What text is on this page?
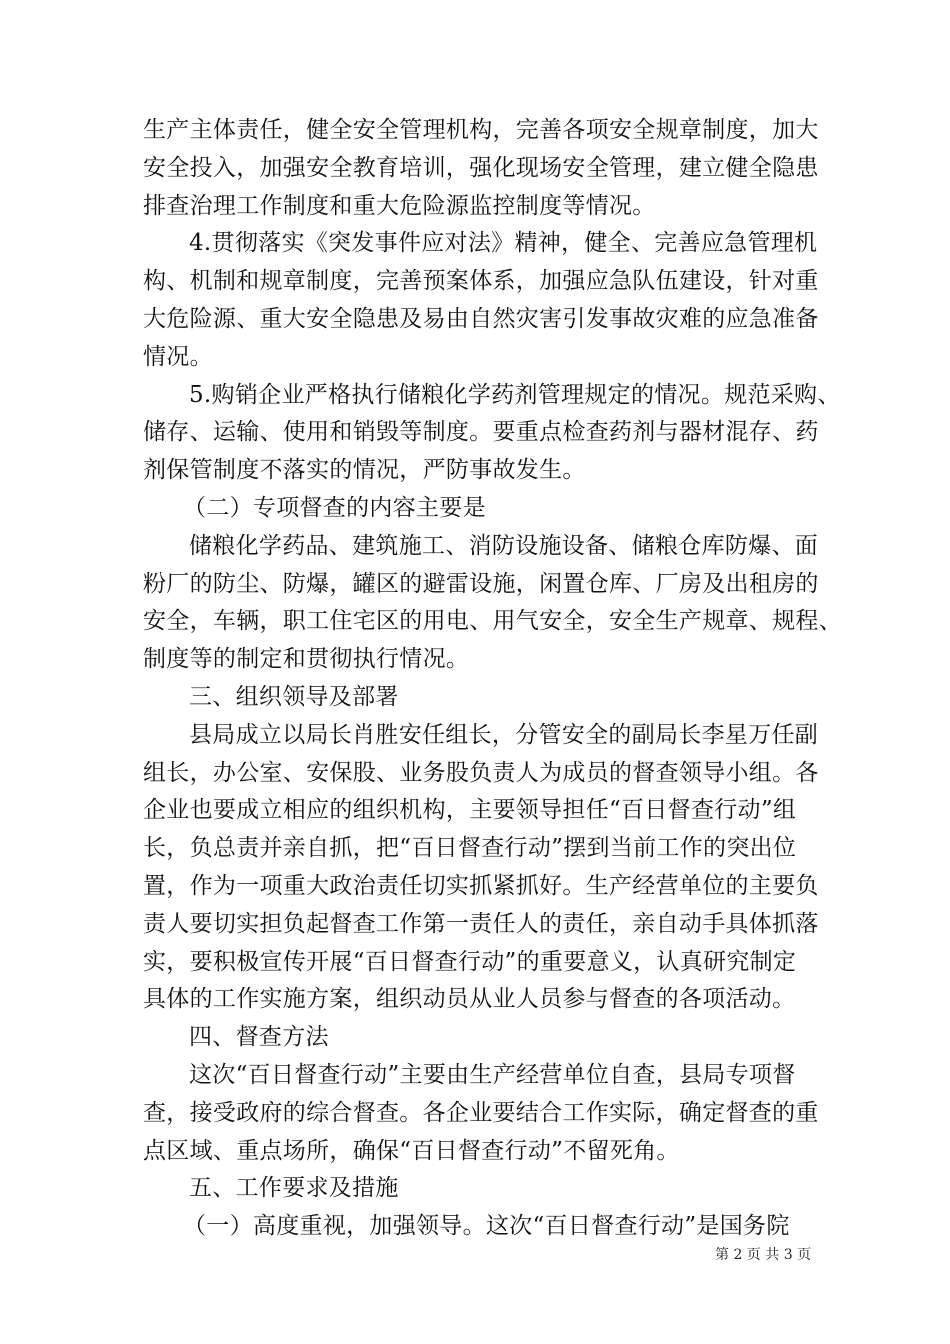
生产主体责任，健全安全管理机构，完善各项安全规章制度，加大
安全投入，加强安全教育培训，强化现场安全管理，建立健全隐患
排查治理工作制度和重大危险源监控制度等情况。
4.贯彻落实《突发事件应对法》精神，健全、完善应急管理机
构、机制和规章制度，完善预案体系，加强应急队伍建设，针对重
大危险源、重大安全隐患及易由自然灾害引发事故灾难的应急准备
情况。
5.购销企业严格执行储粮化学药剂管理规定的情况。规范采购、
储存、运输、使用和销毁等制度。要重点检查药剂与器材混存、药
剂保管制度不落实的情况，严防事故发生。
（二）专项督查的内容主要是
储粮化学药品、建筑施工、消防设施设备、储粮仓库防爆、面
粉厂的防尘、防爆，罐区的避雷设施，闲置仓库、厂房及出租房的
安全，车辆，职工住宅区的用电、用气安全，安全生产规章、规程、
制度等的制定和贯彻执行情况。
三、组织领导及部署
县局成立以局长肖胜安任组长，分管安全的副局长李星万任副
组长，办公室、安保股、业务股负责人为成员的督查领导小组。各
企业也要成立相应的组织机构，主要领导担任“百日督查行动”组
长，负总责并亲自抓，把“百日督查行动”摆到当前工作的突出位
置，作为一项重大政治责任切实抓紧抓好。生产经营单位的主要负
责人要切实担负起督查工作第一责任人的责任，亲自动手具体抓落
实，要积极宣传开展“百日督查行动”的重要意义，认真研究制定
具体的工作实施方案，组织动员从业人员参与督查的各项活动。
四、督查方法
这次“百日督查行动”主要由生产经营单位自查，县局专项督
查，接受政府的综合督查。各企业要结合工作实际，确定督查的重
点区域、重点场所，确保“百日督查行动”不留死角。
五、工作要求及措施
（一）高度重视，加强领导。这次“百日督查行动”是国务院
第 2 页 共 3 页
